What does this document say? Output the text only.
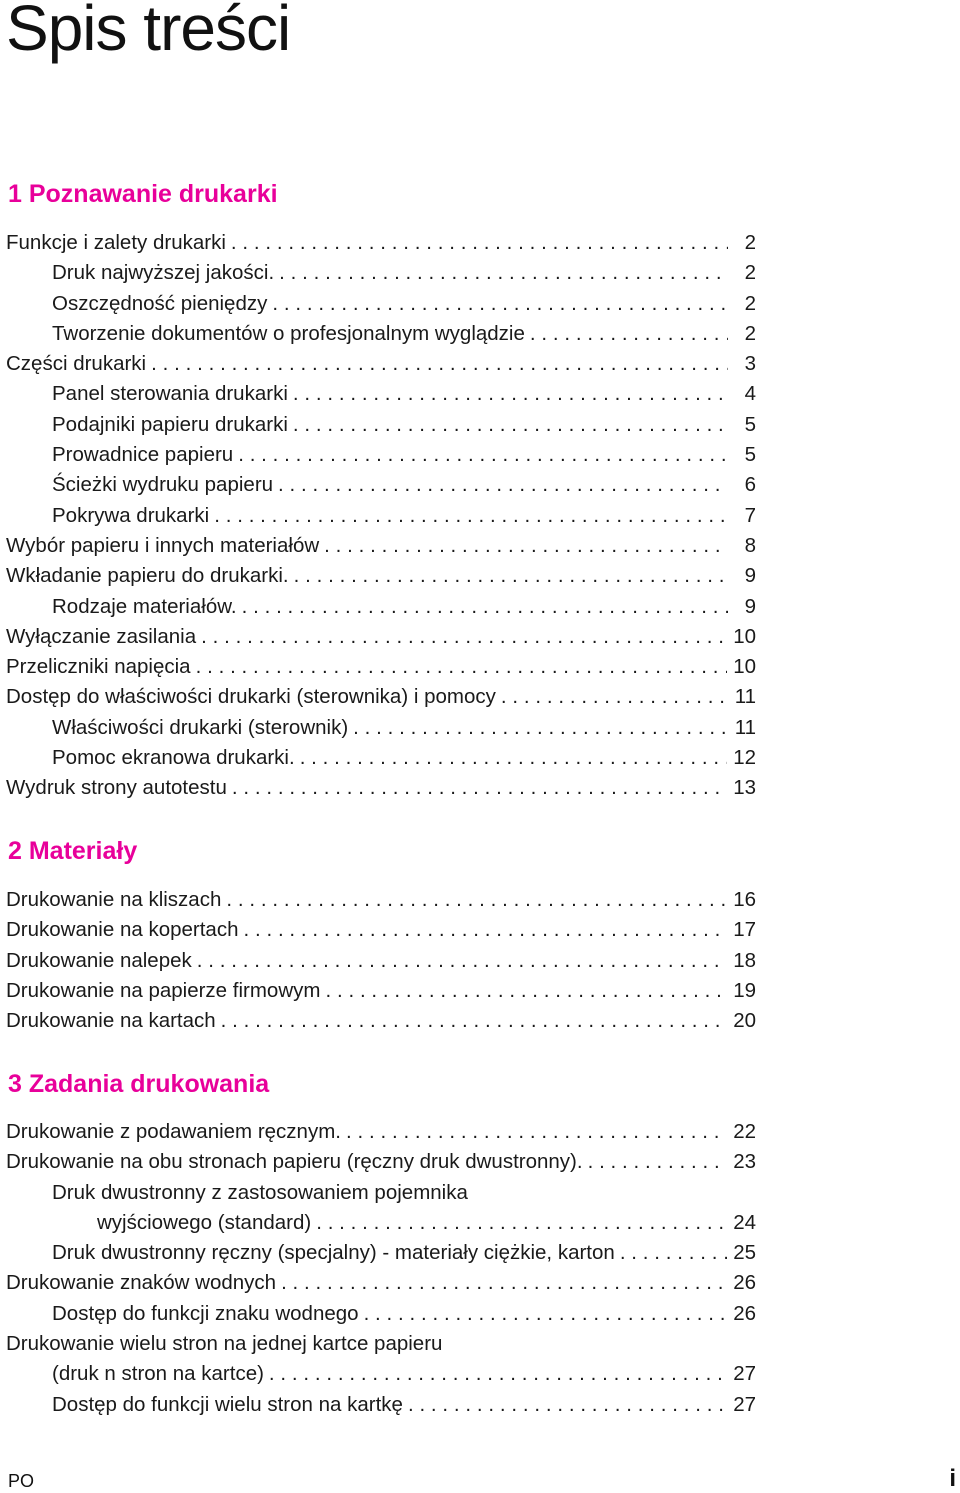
Spis treści
1 Poznawanie drukarki
Funkcje i zalety drukarki . . .	2
Druk najwyższej jakości. . . .	2
Oszczędność pieniędzy . . .	2
Tworzenie dokumentów o profesjonalnym wyglądzie . . .	2
Części drukarki . . .	3
Panel sterowania drukarki . . .	4
Podajniki papieru drukarki . . .	5
Prowadnice papieru . . .	5
Ścieżki wydruku papieru . . .	6
Pokrywa drukarki . . .	7
Wybór papieru i innych materiałów . . .	8
Wkładanie papieru do drukarki. . . .	9
Rodzaje materiałów. . . .	9
Wyłączanie zasilania . . .	10
Przeliczniki napięcia . . .	10
Dostęp do właściwości drukarki (sterownika) i pomocy . . .	11
Właściwości drukarki (sterownik) . . .	11
Pomoc ekranowa drukarki. . . .	12
Wydruk strony autotestu . . .	13
2 Materiały
Drukowanie na kliszach . . .	16
Drukowanie na kopertach . . .	17
Drukowanie nalepek . . .	18
Drukowanie na papierze firmowym . . .	19
Drukowanie na kartach . . .	20
3 Zadania drukowania
Drukowanie z podawaniem ręcznym. . . .	22
Drukowanie na obu stronach papieru (ręczny druk dwustronny). . . .	23
Druk dwustronny z zastosowaniem pojemnika
wyjściowego (standard) . . .	24
Druk dwustronny ręczny (specjalny) - materiały ciężkie, karton . . .	25
Drukowanie znaków wodnych . . .	26
Dostęp do funkcji znaku wodnego . . .	26
Drukowanie wielu stron na jednej kartce papieru
(druk n stron na kartce) . . .	27
Dostęp do funkcji wielu stron na kartkę . . .	27
PO	i
